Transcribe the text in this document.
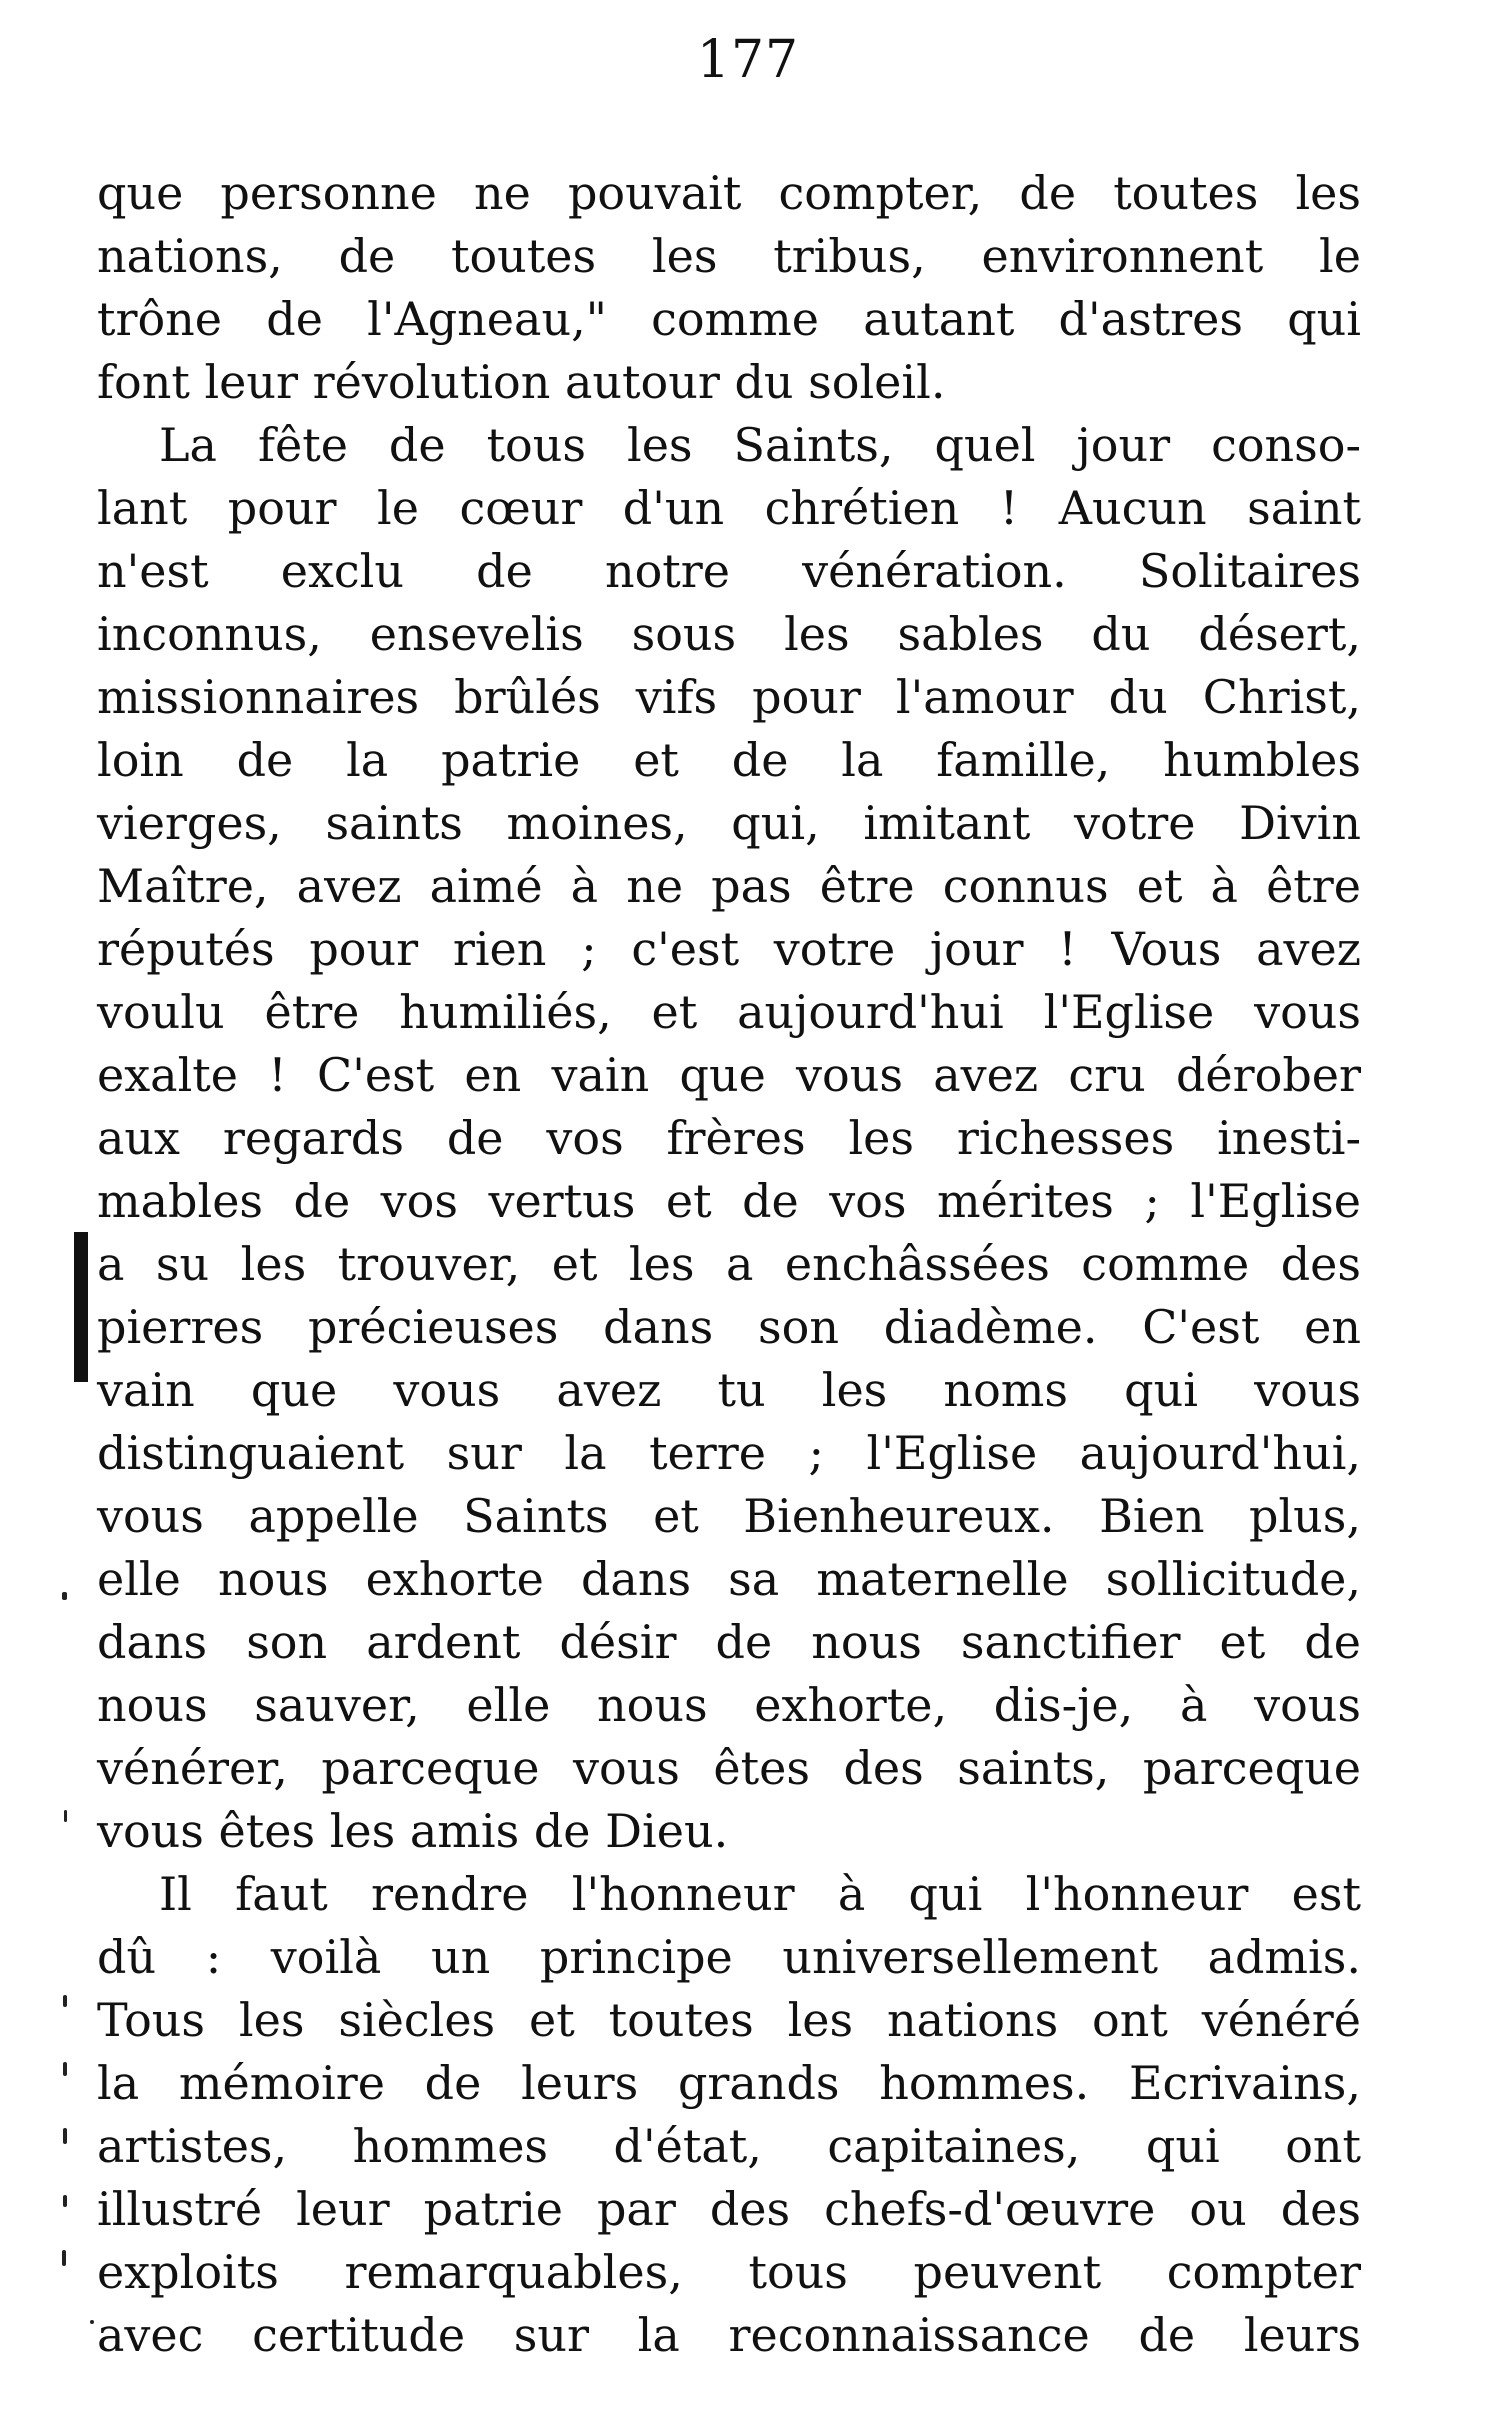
177
que personne ne pouvait compter, de toutes les
nations, de toutes les tribus, environnent le
trône de l'Agneau," comme autant d'astres qui
font leur révolution autour du soleil.
La fête de tous les Saints, quel jour conso-
lant pour le cœur d'un chrétien ! Aucun saint
n'est exclu de notre vénération. Solitaires
inconnus, ensevelis sous les sables du désert,
missionnaires brûlés vifs pour l'amour du Christ,
loin de la patrie et de la famille, humbles
vierges, saints moines, qui, imitant votre Divin
Maître, avez aimé à ne pas être connus et à être
réputés pour rien ; c'est votre jour ! Vous avez
voulu être humiliés, et aujourd'hui l'Eglise vous
exalte ! C'est en vain que vous avez cru dérober
aux regards de vos frères les richesses inesti-
mables de vos vertus et de vos mérites ; l'Eglise
a su les trouver, et les a enchâssées comme des
pierres précieuses dans son diadème. C'est en
vain que vous avez tu les noms qui vous
distinguaient sur la terre ; l'Eglise aujourd'hui,
vous appelle Saints et Bienheureux. Bien plus,
elle nous exhorte dans sa maternelle sollicitude,
dans son ardent désir de nous sanctifier et de
nous sauver, elle nous exhorte, dis-je, à vous
vénérer, parceque vous êtes des saints, parceque
vous êtes les amis de Dieu.
Il faut rendre l'honneur à qui l'honneur est
dû : voilà un principe universellement admis.
Tous les siècles et toutes les nations ont vénéré
la mémoire de leurs grands hommes. Ecrivains,
artistes, hommes d'état, capitaines, qui ont
illustré leur patrie par des chefs-d'œuvre ou des
exploits remarquables, tous peuvent compter
avec certitude sur la reconnaissance de leurs
